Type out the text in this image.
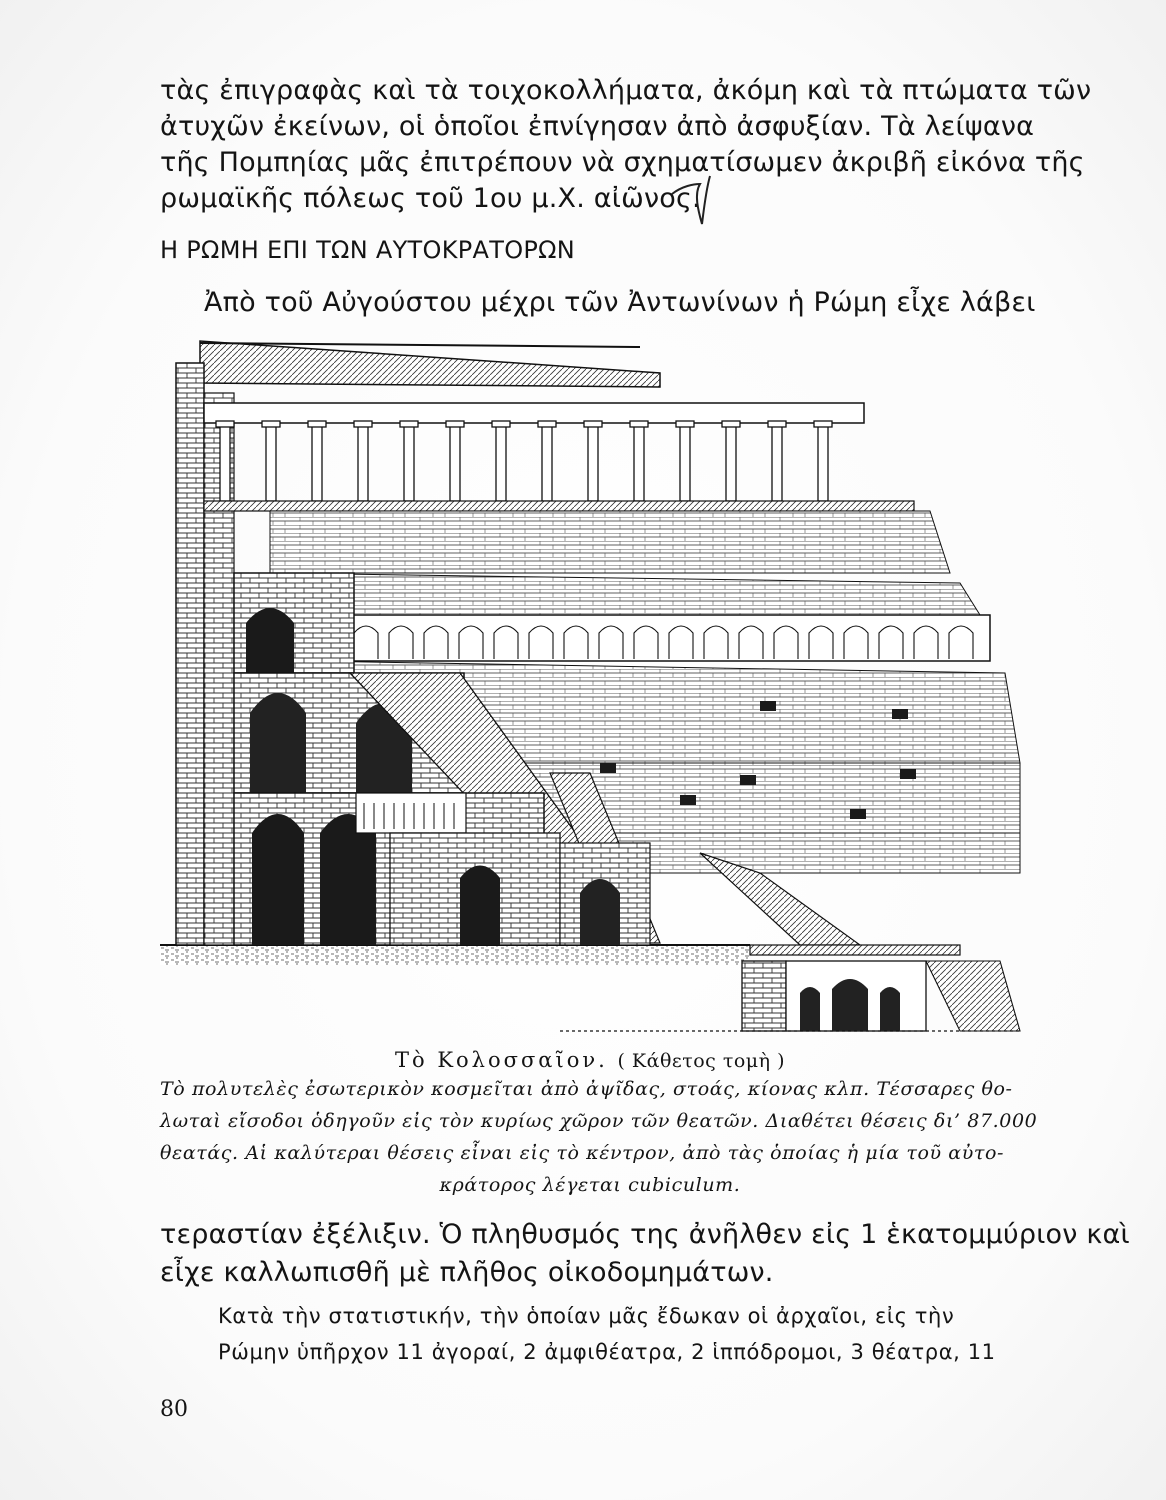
τὰς ἐπιγραφὰς καὶ τὰ τοιχοκολλήματα, ἀκόμη καὶ τὰ πτώματα τῶν
ἀτυχῶν ἐκείνων, οἱ ὁποῖοι ἐπνίγησαν ἀπὸ ἀσφυξίαν. Τὰ λείψανα
τῆς Πομπηίας μᾶς ἐπιτρέπουν νὰ σχηματίσωμεν ἀκριβῆ εἰκόνα τῆς
ρωμαϊκῆς πόλεως τοῦ 1ου μ.Χ. αἰῶνος.
Η ΡΩΜΗ ΕΠΙ ΤΩΝ ΑΥΤΟΚΡΑΤΟΡΩΝ
Ἀπὸ τοῦ Αὐγούστου μέχρι τῶν Ἀντωνίνων ἡ Ρώμη εἶχε λάβει
Τὸ Κολοσσαῖον. ( Κάθετος τομὴ )
Τὸ πολυτελὲς ἐσωτερικὸν κοσμεῖται ἀπὸ ἀψῖδας, στοάς, κίονας κλπ. Τέσσαρες θο-
λωταὶ εἴσοδοι ὁδηγοῦν εἰς τὸν κυρίως χῶρον τῶν θεατῶν. Διαθέτει θέσεις δι’ 87.000
θεατάς. Αἱ καλύτεραι θέσεις εἶναι εἰς τὸ κέντρον, ἀπὸ τὰς ὁποίας ἡ μία τοῦ αὐτο-
κράτορος λέγεται cubiculum.
τεραστίαν ἐξέλιξιν. Ὁ πληθυσμός της ἀνῆλθεν εἰς 1 ἑκατομμύριον καὶ
εἶχε καλλωπισθῆ μὲ πλῆθος οἰκοδομημάτων.
Κατὰ τὴν στατιστικήν, τὴν ὁποίαν μᾶς ἔδωκαν οἱ ἀρχαῖοι, εἰς τὴν
Ρώμην ὑπῆρχον 11 ἀγοραί, 2 ἀμφιθέατρα, 2 ἱππόδρομοι, 3 θέατρα, 11
80
